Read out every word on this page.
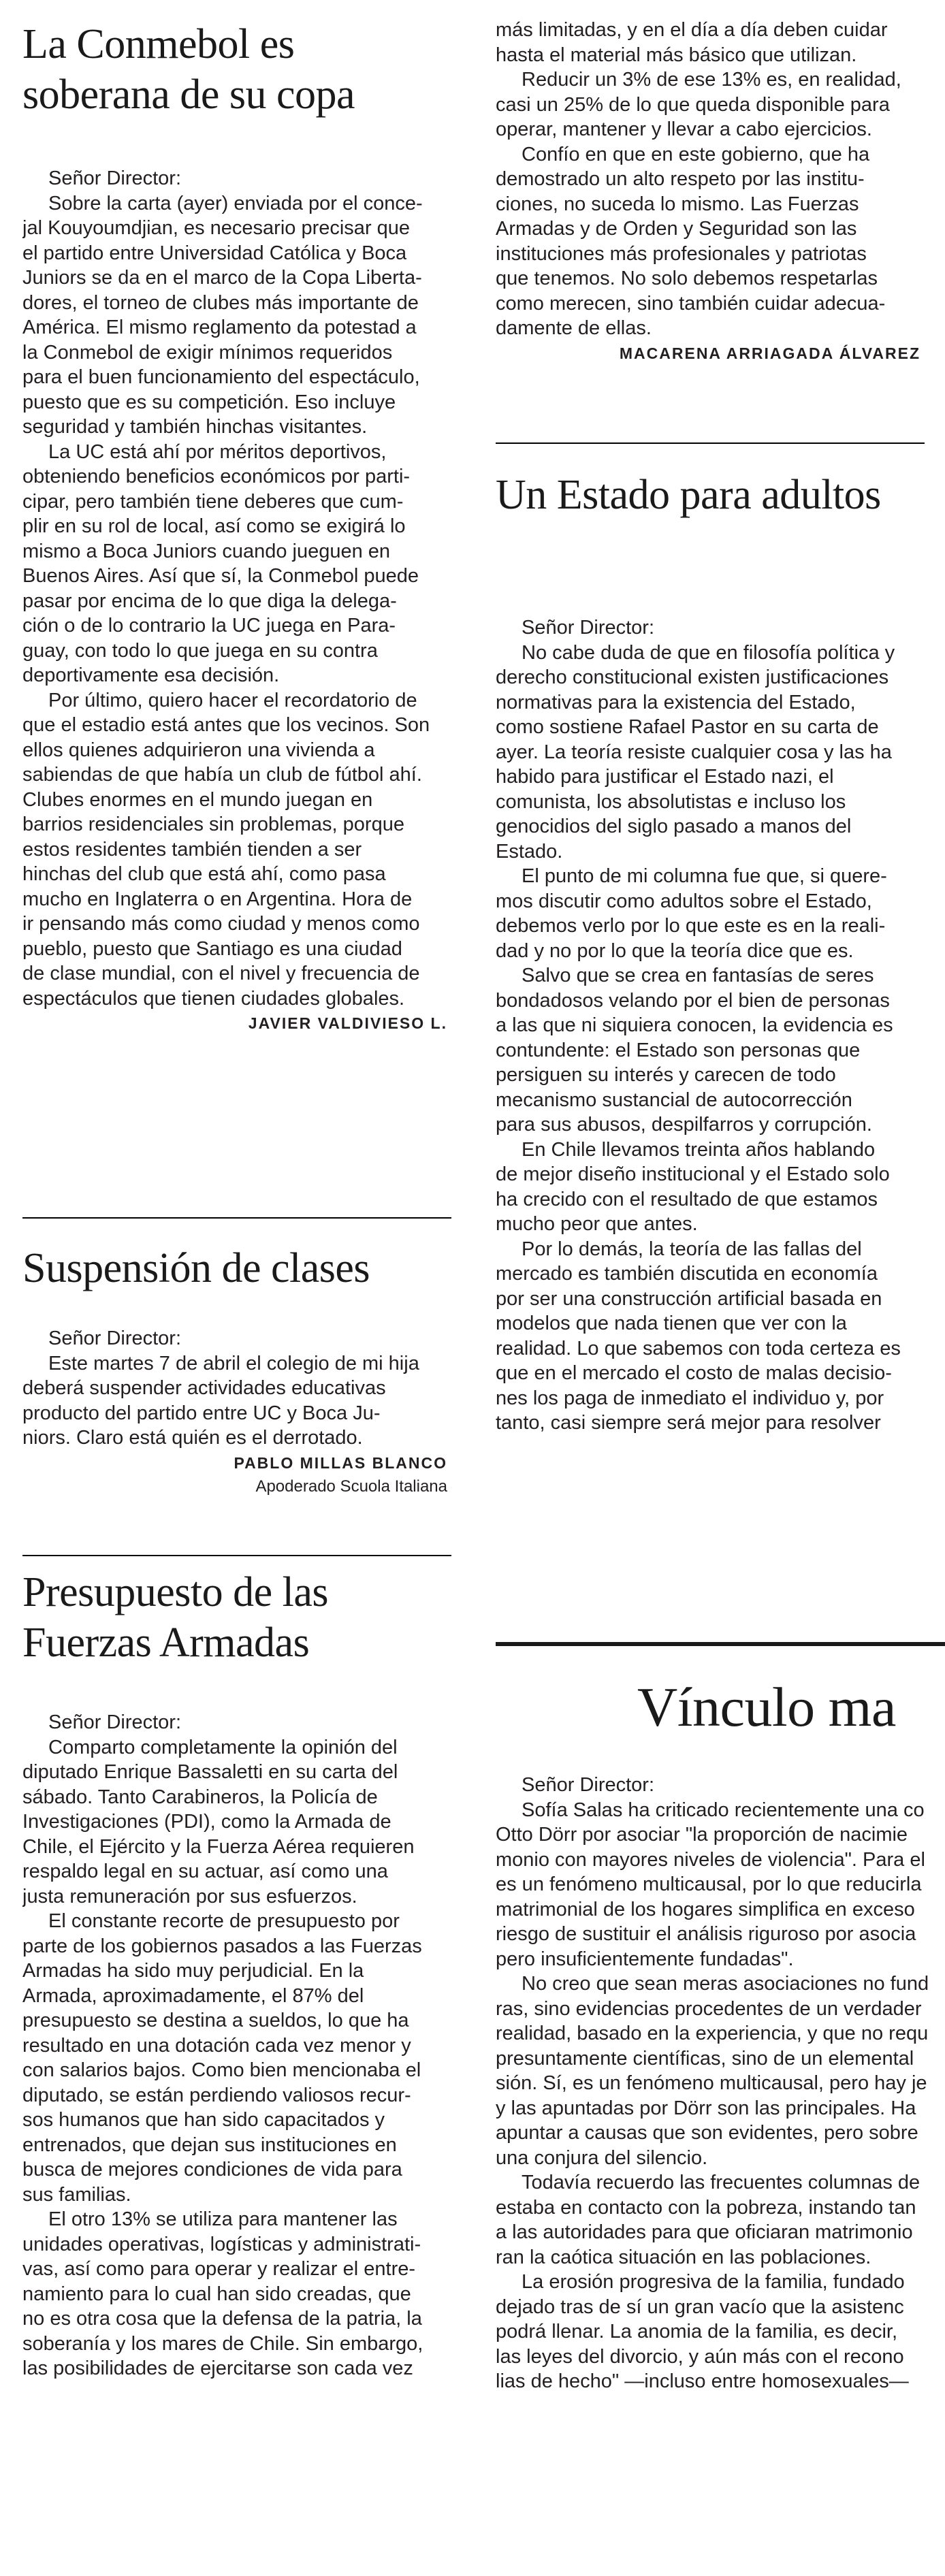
La Conmebol es soberana de su copa

Señor Director:

Sobre la carta (ayer) enviada por el conce-
jal Kouyoumdjian, es necesario precisar que
el partido entre Universidad Católica y Boca
Juniors se da en el marco de la Copa Liberta-
dores, el torneo de clubes más importante de
América. El mismo reglamento da potestad a
la Conmebol de exigir mínimos requeridos
para el buen funcionamiento del espectáculo,
puesto que es su competición. Eso incluye
seguridad y también hinchas visitantes.
La UC está ahí por méritos deportivos,
obteniendo beneficios económicos por parti-
cipar, pero también tiene deberes que cum-
plir en su rol de local, así como se exigirá lo
mismo a Boca Juniors cuando jueguen en
Buenos Aires. Así que sí, la Conmebol puede
pasar por encima de lo que diga la delega-
ción o de lo contrario la UC juega en Para-
guay, con todo lo que juega en su contra
deportivamente esa decisión.
Por último, quiero hacer el recordatorio de
que el estadio está antes que los vecinos. Son
ellos quienes adquirieron una vivienda a
sabiendas de que había un club de fútbol ahí.
Clubes enormes en el mundo juegan en
barrios residenciales sin problemas, porque
estos residentes también tienden a ser
hinchas del club que está ahí, como pasa
mucho en Inglaterra o en Argentina. Hora de
ir pensando más como ciudad y menos como
pueblo, puesto que Santiago es una ciudad
de clase mundial, con el nivel y frecuencia de
espectáculos que tienen ciudades globales.
JAVIER VALDIVIESO L.
Suspensión de clases

Señor Director:

Este martes 7 de abril el colegio de mi hija
deberá suspender actividades educativas
producto del partido entre UC y Boca Ju-
niors. Claro está quién es el derrotado.
PABLO MILLAS BLANCO
Apoderado Scuola Italiana
Presupuesto de las Fuerzas Armadas

Señor Director:

Comparto completamente la opinión del
diputado Enrique Bassaletti en su carta del
sábado. Tanto Carabineros, la Policía de
Investigaciones (PDI), como la Armada de
Chile, el Ejército y la Fuerza Aérea requieren
respaldo legal en su actuar, así como una
justa remuneración por sus esfuerzos.
El constante recorte de presupuesto por
parte de los gobiernos pasados a las Fuerzas
Armadas ha sido muy perjudicial. En la
Armada, aproximadamente, el 87% del
presupuesto se destina a sueldos, lo que ha
resultado en una dotación cada vez menor y
con salarios bajos. Como bien mencionaba el
diputado, se están perdiendo valiosos recur-
sos humanos que han sido capacitados y
entrenados, que dejan sus instituciones en
busca de mejores condiciones de vida para
sus familias.
El otro 13% se utiliza para mantener las
unidades operativas, logísticas y administrati-
vas, así como para operar y realizar el entre-
namiento para lo cual han sido creadas, que
no es otra cosa que la defensa de la patria, la
soberanía y los mares de Chile. Sin embargo,
las posibilidades de ejercitarse son cada vez
más limitadas, y en el día a día deben cuidar
hasta el material más básico que utilizan.
Reducir un 3% de ese 13% es, en realidad,
casi un 25% de lo que queda disponible para
operar, mantener y llevar a cabo ejercicios.
Confío en que en este gobierno, que ha
demostrado un alto respeto por las institu-
ciones, no suceda lo mismo. Las Fuerzas
Armadas y de Orden y Seguridad son las
instituciones más profesionales y patriotas
que tenemos. No solo debemos respetarlas
como merecen, sino también cuidar adecua-
damente de ellas.
MACARENA ARRIAGADA ÁLVAREZ
Un Estado para adultos

Señor Director:

No cabe duda de que en filosofía política y
derecho constitucional existen justificaciones
normativas para la existencia del Estado,
como sostiene Rafael Pastor en su carta de
ayer. La teoría resiste cualquier cosa y las ha
habido para justificar el Estado nazi, el
comunista, los absolutistas e incluso los
genocidios del siglo pasado a manos del
Estado.
El punto de mi columna fue que, si quere-
mos discutir como adultos sobre el Estado,
debemos verlo por lo que este es en la reali-
dad y no por lo que la teoría dice que es.
Salvo que se crea en fantasías de seres
bondadosos velando por el bien de personas
a las que ni siquiera conocen, la evidencia es
contundente: el Estado son personas que
persiguen su interés y carecen de todo
mecanismo sustancial de autocorrección
para sus abusos, despilfarros y corrupción.
En Chile llevamos treinta años hablando
de mejor diseño institucional y el Estado solo
ha crecido con el resultado de que estamos
mucho peor que antes.
Por lo demás, la teoría de las fallas del
mercado es también discutida en economía
por ser una construcción artificial basada en
modelos que nada tienen que ver con la
realidad. Lo que sabemos con toda certeza es
que en el mercado el costo de malas decisio-
nes los paga de inmediato el individuo y, por
tanto, casi siempre será mejor para resolver
Vínculo ma

Señor Director:

Sofía Salas ha criticado recientemente una co
Otto Dörr por asociar "la proporción de nacimie
monio con mayores niveles de violencia". Para el
es un fenómeno multicausal, por lo que reducirla
matrimonial de los hogares simplifica en exceso
riesgo de sustituir el análisis riguroso por asocia
pero insuficientemente fundadas".
No creo que sean meras asociaciones no fund
ras, sino evidencias procedentes de un verdader
realidad, basado en la experiencia, y que no requ
presuntamente científicas, sino de un elemental
sión. Sí, es un fenómeno multicausal, pero hay je
y las apuntadas por Dörr son las principales. Ha
apuntar a causas que son evidentes, pero sobre
una conjura del silencio.
Todavía recuerdo las frecuentes columnas de
estaba en contacto con la pobreza, instando tan
a las autoridades para que oficiaran matrimonio
ran la caótica situación en las poblaciones.
La erosión progresiva de la familia, fundado
dejado tras de sí un gran vacío que la asistenc
podrá llenar. La anomia de la familia, es decir,
las leyes del divorcio, y aún más con el recono
lias de hecho" —incluso entre homosexuales—
